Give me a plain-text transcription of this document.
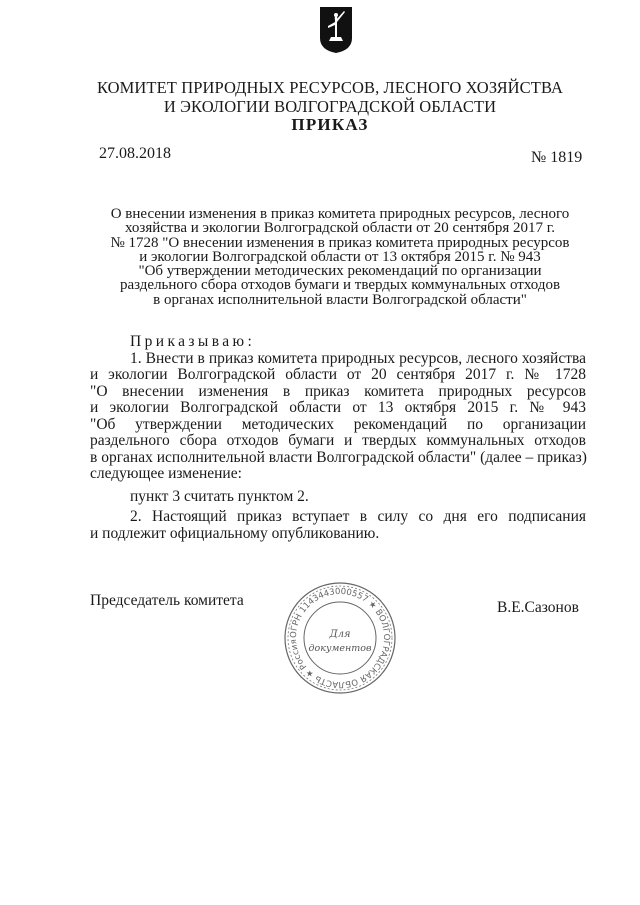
КОМИТЕТ ПРИРОДНЫХ РЕСУРСОВ, ЛЕСНОГО ХОЗЯЙСТВА
И ЭКОЛОГИИ ВОЛГОГРАДСКОЙ ОБЛАСТИ
ПРИКАЗ
27.08.2018	№ 1819
О внесении изменения в приказ комитета природных ресурсов, лесного
хозяйства и экологии Волгоградской области от 20 сентября 2017 г.
№ 1728 "О внесении изменения в приказ комитета природных ресурсов
и экологии Волгоградской области от 13 октября 2015 г. № 943
"Об утверждении методических рекомендаций по организации
раздельного сбора отходов бумаги и твердых коммунальных отходов
в органах исполнительной власти Волгоградской области"
Приказываю:
1. Внести в приказ комитета природных ресурсов, лесного хозяйства
и экологии Волгоградской области от 20 сентября 2017 г. № 1728
"О внесении изменения в приказ комитета природных ресурсов
и экологии Волгоградской области от 13 октября 2015 г. № 943
"Об утверждении методических рекомендаций по организации
раздельного сбора отходов бумаги и твердых коммунальных отходов
в органах исполнительной власти Волгоградской области" (далее – приказ)
следующее изменение:
пункт 3 считать пунктом 2.
2. Настоящий приказ вступает в силу со дня его подписания
и подлежит официальному опубликованию.
Председатель комитета	В.Е.Сазонов
ОГРН 1143443000557 ★ ВОЛГОГРАДСКАЯ ОБЛАСТЬ ★ Россия
Для
документов
